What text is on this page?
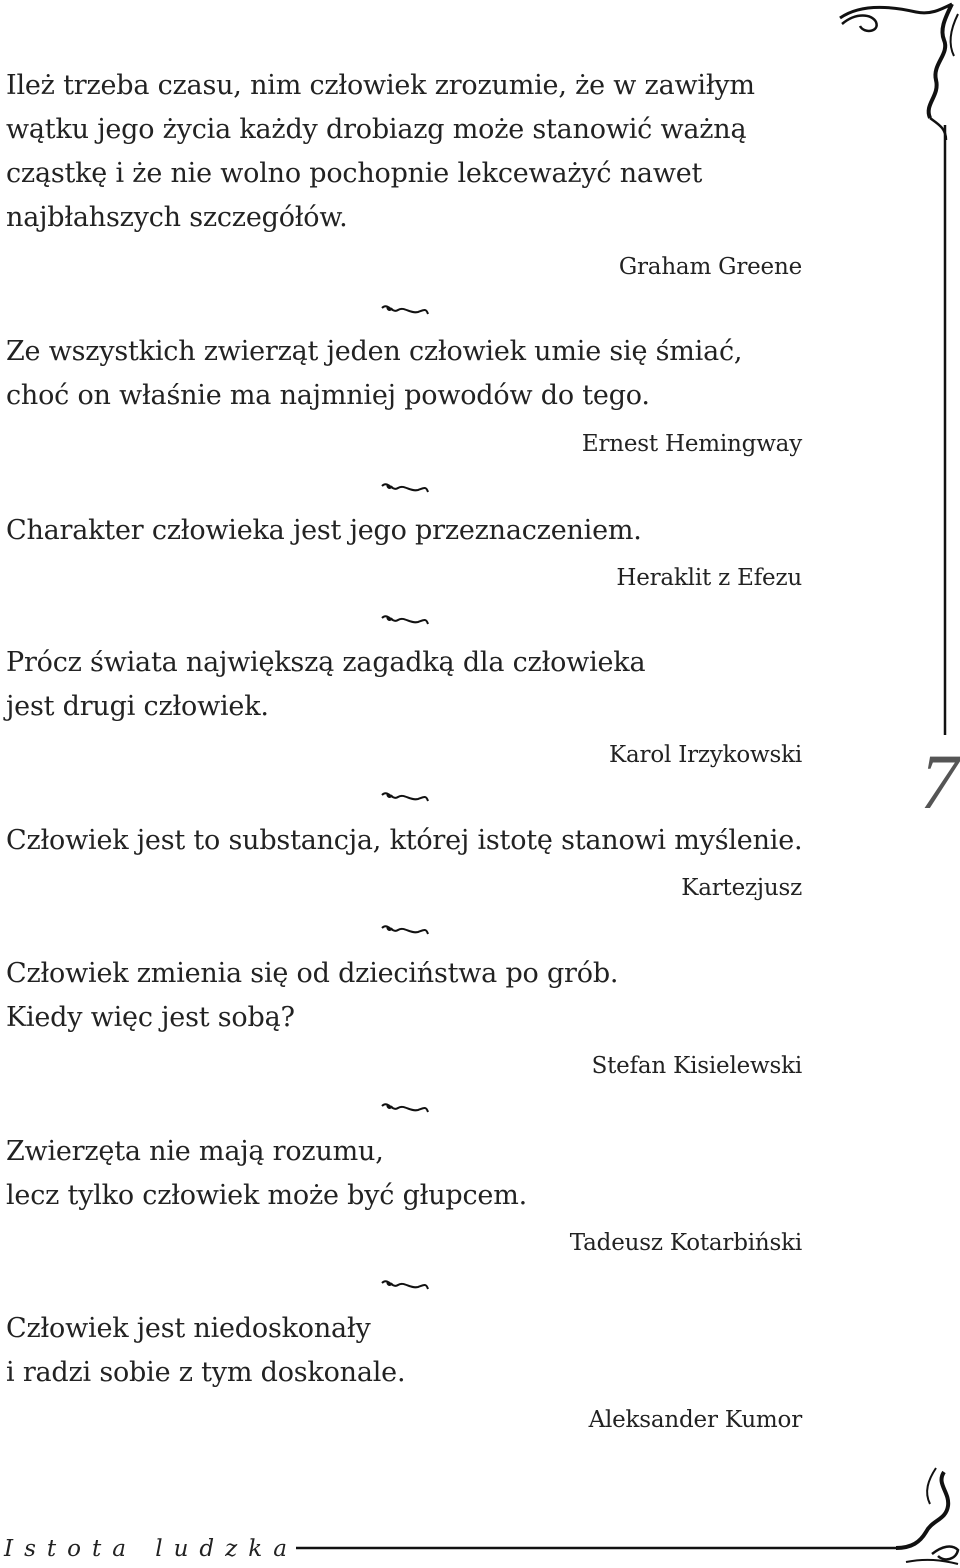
Ileż trzeba czasu, nim człowiek zrozumie, że w zawiłym
wątku jego życia każdy drobiazg może stanowić ważną
cząstkę i że nie wolno pochopnie lekceważyć nawet
najbłahszych szczegółów.

Graham Greene

Ze wszystkich zwierząt jeden człowiek umie się śmiać,
choć on właśnie ma najmniej powodów do tego.

Ernest Hemingway

Charakter człowieka jest jego przeznaczeniem.

Heraklit z Efezu

Prócz świata największą zagadką dla człowieka
jest drugi człowiek.

Karol Irzykowski

Człowiek jest to substancja, której istotę stanowi myślenie.

Kartezjusz

Człowiek zmienia się od dzieciństwa po grób.
Kiedy więc jest sobą?

Stefan Kisielewski

Zwierzęta nie mają rozumu,
lecz tylko człowiek może być głupcem.

Tadeusz Kotarbiński

Człowiek jest niedoskonały
i radzi sobie z tym doskonale.

Aleksander Kumor

7
Istota ludzka
